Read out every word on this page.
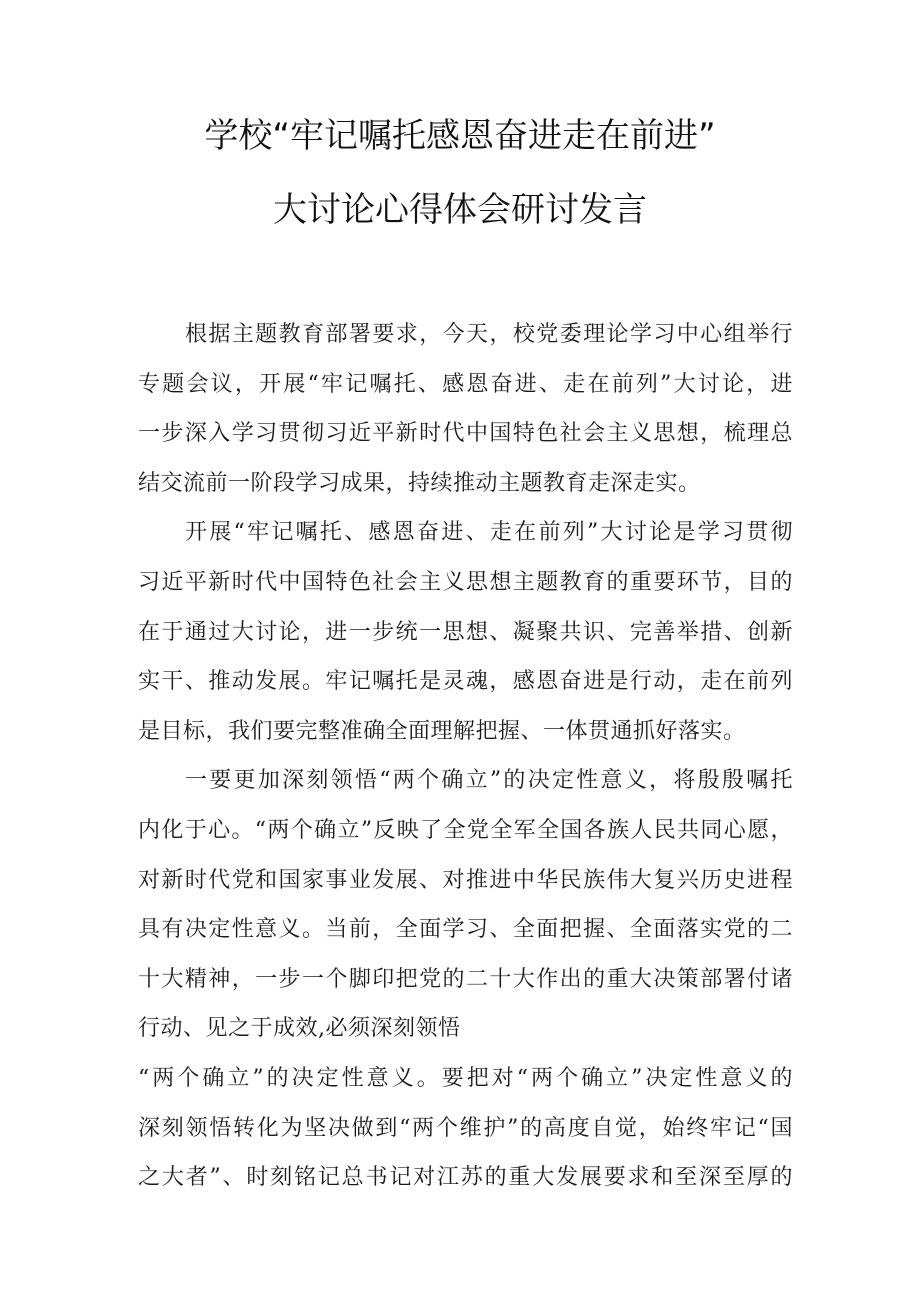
学校“牢记嘱托感恩奋进走在前进”
大讨论心得体会研讨发言
根据主题教育部署要求，今天，校党委理论学习中心组举行
专题会议，开展“牢记嘱托、感恩奋进、走在前列”大讨论，进
一步深入学习贯彻习近平新时代中国特色社会主义思想，梳理总
结交流前一阶段学习成果，持续推动主题教育走深走实。
开展“牢记嘱托、感恩奋进、走在前列”大讨论是学习贯彻
习近平新时代中国特色社会主义思想主题教育的重要环节，目的
在于通过大讨论，进一步统一思想、凝聚共识、完善举措、创新
实干、推动发展。牢记嘱托是灵魂，感恩奋进是行动，走在前列
是目标，我们要完整准确全面理解把握、一体贯通抓好落实。
一要更加深刻领悟“两个确立”的决定性意义，将殷殷嘱托
内化于心。“两个确立”反映了全党全军全国各族人民共同心愿，
对新时代党和国家事业发展、对推进中华民族伟大复兴历史进程
具有决定性意义。当前，全面学习、全面把握、全面落实党的二
十大精神，一步一个脚印把党的二十大作出的重大决策部署付诸
行动、见之于成效,必须深刻领悟
“两个确立”的决定性意义。要把对“两个确立”决定性意义的
深刻领悟转化为坚决做到“两个维护”的高度自觉，始终牢记“国
之大者”、时刻铭记总书记对江苏的重大发展要求和至深至厚的
